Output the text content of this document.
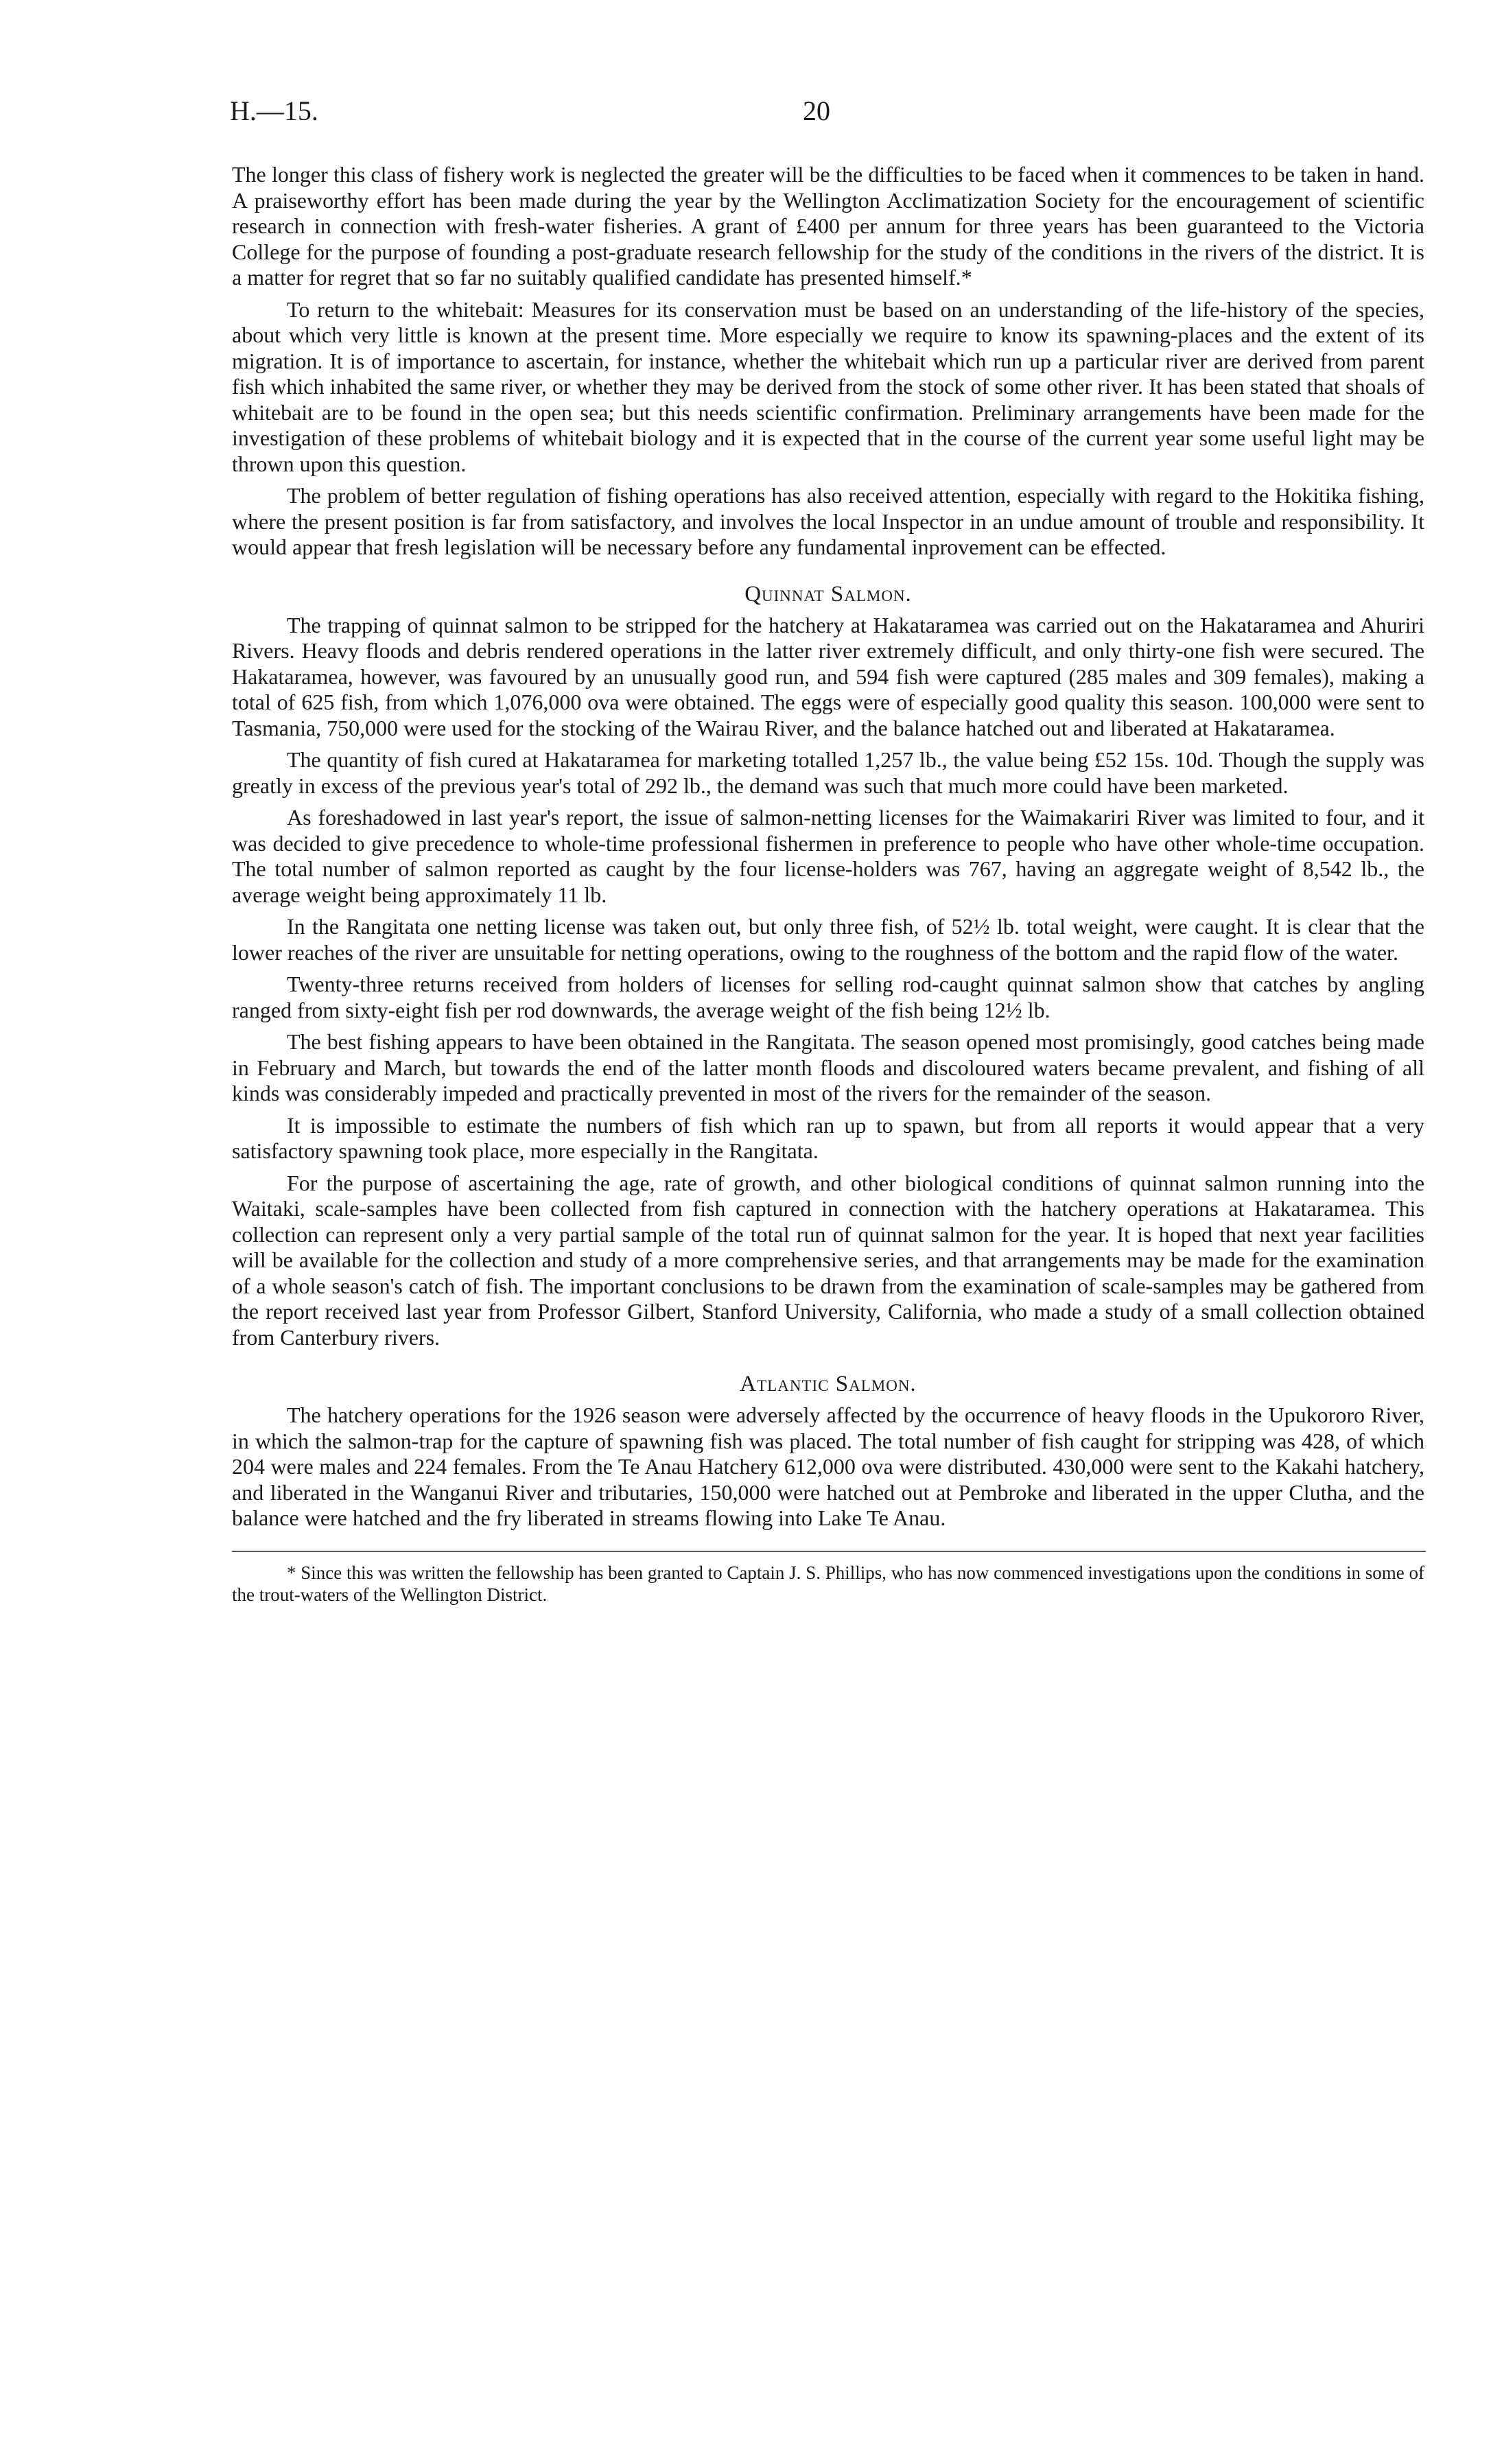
H.—15.	20

The longer this class of fishery work is neglected the greater will be the difficulties to be faced when it commences to be taken in hand. A praiseworthy effort has been made during the year by the Wellington Acclimatization Society for the encouragement of scientific research in connection with fresh-water fisheries. A grant of £400 per annum for three years has been guaranteed to the Victoria College for the purpose of founding a post-graduate research fellowship for the study of the conditions in the rivers of the district. It is a matter for regret that so far no suitably qualified candidate has presented himself.*

To return to the whitebait: Measures for its conservation must be based on an understanding of the life-history of the species, about which very little is known at the present time. More especially we require to know its spawning-places and the extent of its migration. It is of importance to ascertain, for instance, whether the whitebait which run up a particular river are derived from parent fish which inhabited the same river, or whether they may be derived from the stock of some other river. It has been stated that shoals of whitebait are to be found in the open sea; but this needs scientific confirmation. Preliminary arrangements have been made for the investigation of these problems of whitebait biology and it is expected that in the course of the current year some useful light may be thrown upon this question.

The problem of better regulation of fishing operations has also received attention, especially with regard to the Hokitika fishing, where the present position is far from satisfactory, and involves the local Inspector in an undue amount of trouble and responsibility. It would appear that fresh legislation will be necessary before any fundamental inprovement can be effected.

Quinnat Salmon.

The trapping of quinnat salmon to be stripped for the hatchery at Hakataramea was carried out on the Hakataramea and Ahuriri Rivers. Heavy floods and debris rendered operations in the latter river extremely difficult, and only thirty-one fish were secured. The Hakataramea, however, was favoured by an unusually good run, and 594 fish were captured (285 males and 309 females), making a total of 625 fish, from which 1,076,000 ova were obtained. The eggs were of especially good quality this season. 100,000 were sent to Tasmania, 750,000 were used for the stocking of the Wairau River, and the balance hatched out and liberated at Hakataramea.

The quantity of fish cured at Hakataramea for marketing totalled 1,257 lb., the value being £52 15s. 10d. Though the supply was greatly in excess of the previous year's total of 292 lb., the demand was such that much more could have been marketed.

As foreshadowed in last year's report, the issue of salmon-netting licenses for the Waimakariri River was limited to four, and it was decided to give precedence to whole-time professional fishermen in preference to people who have other whole-time occupation. The total number of salmon reported as caught by the four license-holders was 767, having an aggregate weight of 8,542 lb., the average weight being approximately 11 lb.

In the Rangitata one netting license was taken out, but only three fish, of 52½ lb. total weight, were caught. It is clear that the lower reaches of the river are unsuitable for netting operations, owing to the roughness of the bottom and the rapid flow of the water.

Twenty-three returns received from holders of licenses for selling rod-caught quinnat salmon show that catches by angling ranged from sixty-eight fish per rod downwards, the average weight of the fish being 12½ lb.

The best fishing appears to have been obtained in the Rangitata. The season opened most promisingly, good catches being made in February and March, but towards the end of the latter month floods and discoloured waters became prevalent, and fishing of all kinds was considerably impeded and practically prevented in most of the rivers for the remainder of the season.

It is impossible to estimate the numbers of fish which ran up to spawn, but from all reports it would appear that a very satisfactory spawning took place, more especially in the Rangitata.

For the purpose of ascertaining the age, rate of growth, and other biological conditions of quinnat salmon running into the Waitaki, scale-samples have been collected from fish captured in connection with the hatchery operations at Hakataramea. This collection can represent only a very partial sample of the total run of quinnat salmon for the year. It is hoped that next year facilities will be available for the collection and study of a more comprehensive series, and that arrangements may be made for the examination of a whole season's catch of fish. The important conclusions to be drawn from the examination of scale-samples may be gathered from the report received last year from Professor Gilbert, Stanford University, California, who made a study of a small collection obtained from Canterbury rivers.

Atlantic Salmon.

The hatchery operations for the 1926 season were adversely affected by the occurrence of heavy floods in the Upukororo River, in which the salmon-trap for the capture of spawning fish was placed. The total number of fish caught for stripping was 428, of which 204 were males and 224 females. From the Te Anau Hatchery 612,000 ova were distributed. 430,000 were sent to the Kakahi hatchery, and liberated in the Wanganui River and tributaries, 150,000 were hatched out at Pembroke and liberated in the upper Clutha, and the balance were hatched and the fry liberated in streams flowing into Lake Te Anau.

* Since this was written the fellowship has been granted to Captain J. S. Phillips, who has now commenced investigations upon the conditions in some of the trout-waters of the Wellington District.
